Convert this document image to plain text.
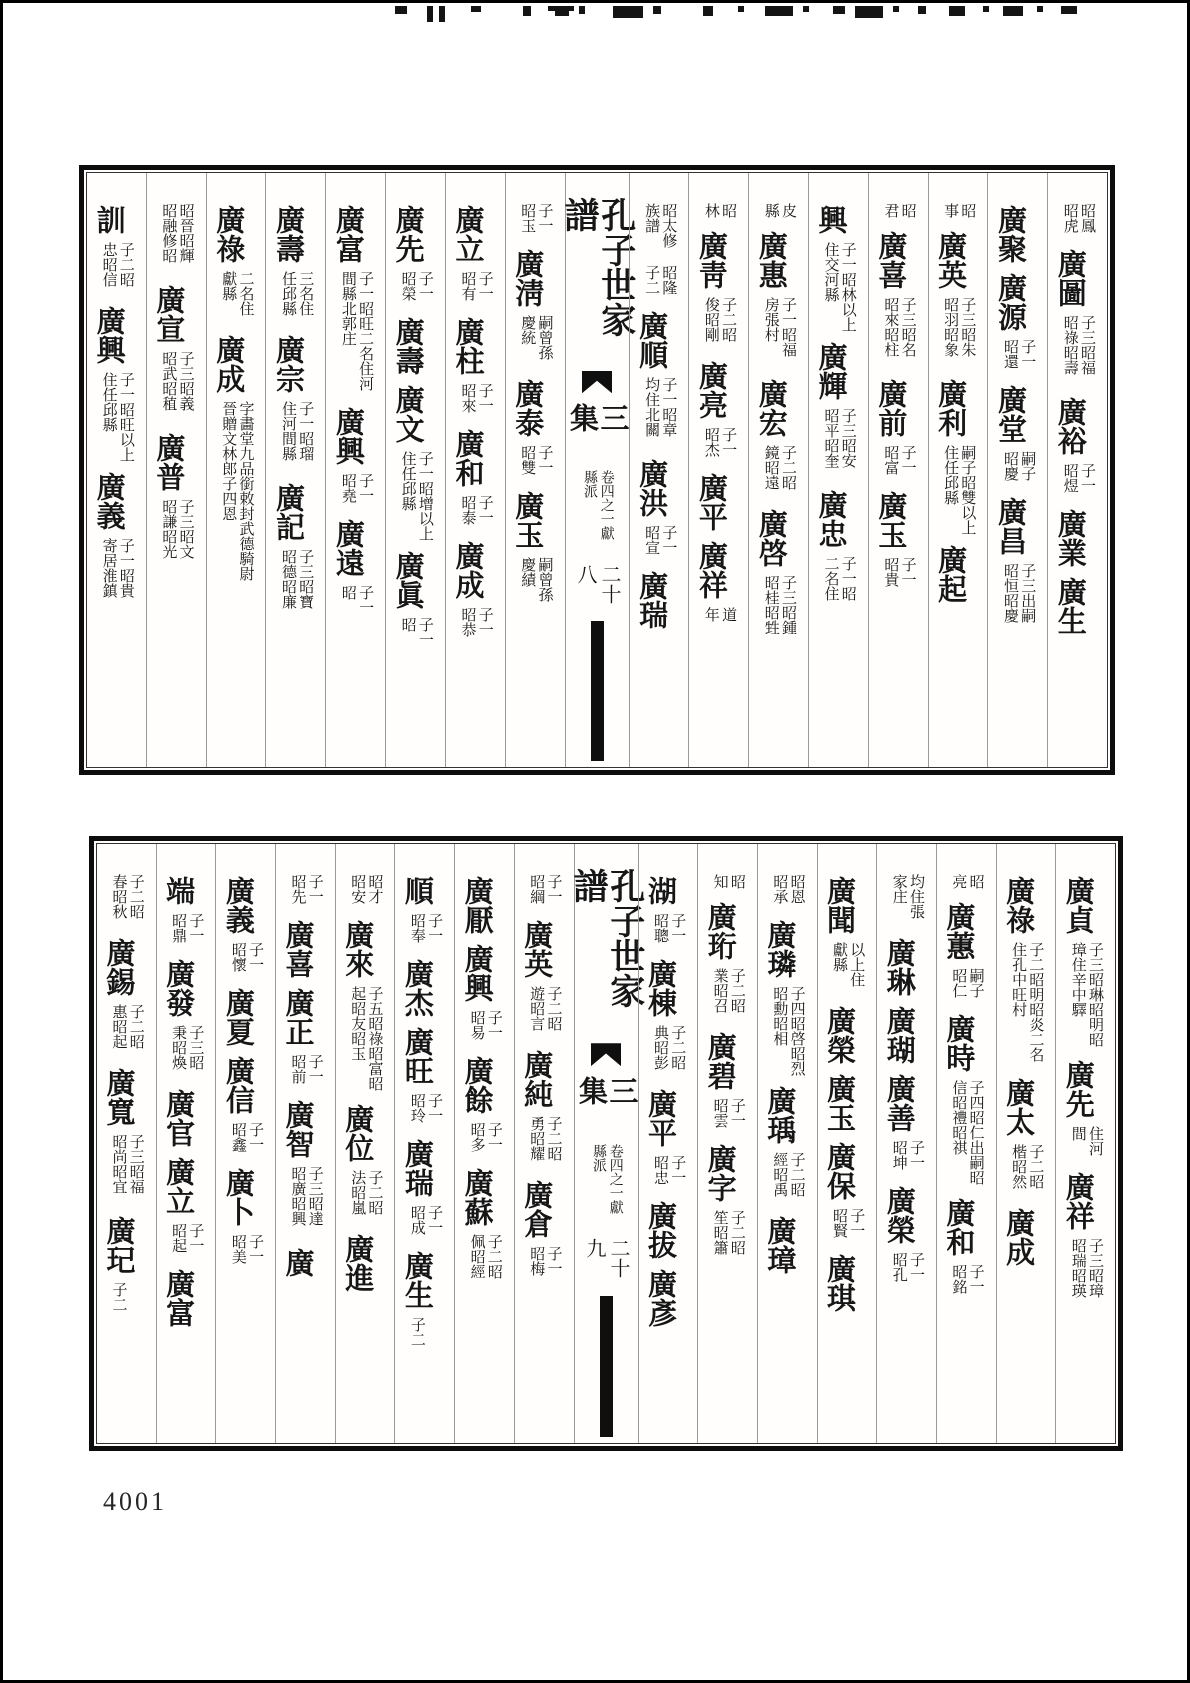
昭鳳昭虎廣圖子三昭福昭祿昭壽廣裕子一昭煜廣業廣生
廣聚廣源子一昭還廣堂嗣子昭慶廣昌子三出嗣昭恒昭慶
昭事廣英子三昭朱昭羽昭象廣利嗣子昭雙以上住任邱縣廣起
昭君廣喜子三昭名昭來昭柱廣前子一昭富廣玉子一昭貴
興子一昭林以上住交河縣廣輝子三昭安昭平昭奎廣忠子一昭二名住
皮縣廣惠子一昭福房張村廣宏子二昭鏡昭遠廣啓子三昭鍾昭桂昭甡
昭林廣靑子二昭俊昭剛廣亮子一昭杰廣平廣祥道年
昭太修族譜昭隆子二廣順子一昭章均住北關廣洪子一昭宣廣瑞
孔子世家譜
三集
卷四之一獻縣派
二十八
子一昭玉廣淸嗣曾孫慶統廣泰子一昭雙廣玉嗣曾孫慶績
廣立子一昭有廣柱子一昭來廣和子一昭泰廣成子一昭恭
廣先子一昭榮廣壽廣文子一昭增以上住任邱縣廣眞子一昭
廣富子一昭旺二名住河間縣北郭庄廣興子一昭堯廣遠子一昭
廣壽三名住任邱縣廣宗子一昭瑠住河間縣廣記子三昭寶昭德昭廉
廣祿二名住獻縣廣成字畵堂九品銜敕封武德騎尉晉贈文林郎子四恩
昭晉昭輝昭融修昭廣宣子三昭義昭武昭稙廣普子三昭文昭謙昭光
訓子二昭忠昭信廣興子一昭旺以上住任邱縣廣義子一昭貴寄居淮鎮
廣貞子三昭琳昭明昭璋住辛中驛廣先住河間廣祥子三昭璋昭瑞昭瑛
廣祿子二昭明昭炎二名住孔中旺村廣太子二昭楷昭然廣成
昭亮廣蕙嗣子昭仁廣時子四昭仁出嗣昭信昭禮昭祺廣和子一昭銘
均住張家庄廣琳廣瑚廣善子一昭坤廣榮子一昭孔
廣聞以上住獻縣廣榮廣玉廣保子一昭賢廣琪
昭恩昭承廣璘子四昭啓昭烈昭勳昭相廣瑀子二昭經昭禹廣璋
昭知廣珩子二昭業昭召廣碧子一昭雲廣字子二昭笙昭簫
湖子一昭聰廣棟子二昭典昭彭廣平子一昭忠廣拔廣彥
孔子世家譜
三集
卷四之一獻縣派
二十九
子一昭綱廣英子二昭遊昭言廣純子二昭勇昭耀廣倉子一昭梅
廣厭廣興子一昭易廣餘子一昭多廣蘇子二昭佩昭經
順子一昭奉廣杰廣旺子一昭玲廣瑞子一昭成廣生子二
昭才昭安廣來子五昭祿昭富昭起昭友昭玉廣位子二昭法昭嵐廣進
子一昭先廣喜廣正子一昭前廣智子三昭達昭廣昭興廣
廣義子一昭懷廣夏廣信子一昭鑫廣卜子一昭美
端子一昭鼎廣發子三昭秉昭煥廣官廣立子一昭起廣富
子二昭春昭秋廣錫子二昭惠昭起廣寬子三昭福昭尚昭宜廣玘子二
4001
